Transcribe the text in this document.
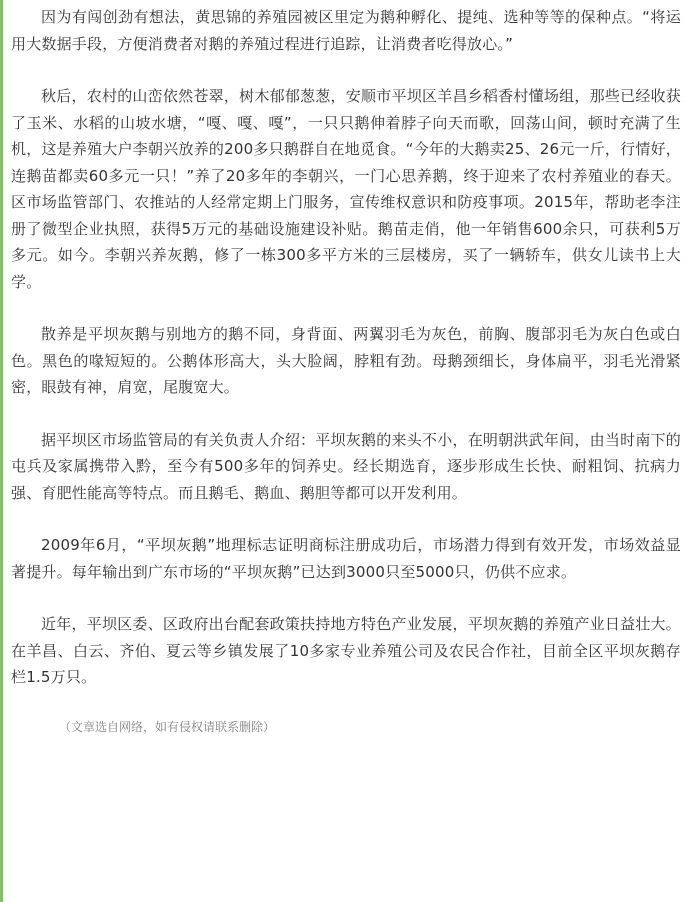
因为有闯创劲有想法，黄思锦的养殖园被区里定为鹅种孵化、提纯、选种等等的保种点。“将运用大数据手段，方便消费者对鹅的养殖过程进行追踪，让消费者吃得放心。”

秋后，农村的山峦依然苍翠，树木郁郁葱葱，安顺市平坝区羊昌乡稻香村懂场组，那些已经收获了玉米、水稻的山坡水塘，“嘎、嘎、嘎”，一只只鹅伸着脖子向天而歌，回荡山间，顿时充满了生机，这是养殖大户李朝兴放养的200多只鹅群自在地觅食。“今年的大鹅卖25、26元一斤，行情好，连鹅苗都卖60多元一只！”养了20多年的李朝兴，一门心思养鹅，终于迎来了农村养殖业的春天。区市场监管部门、农推站的人经常定期上门服务，宣传维权意识和防疫事项。2015年，帮助老李注册了微型企业执照，获得5万元的基础设施建设补贴。鹅苗走俏，他一年销售600余只，可获利5万多元。如今。李朝兴养灰鹅，修了一栋300多平方米的三层楼房，买了一辆轿车，供女儿读书上大学。

散养是平坝灰鹅与别地方的鹅不同，身背面、两翼羽毛为灰色，前胸、腹部羽毛为灰白色或白色。黑色的喙短短的。公鹅体形高大，头大脸阔，脖粗有劲。母鹅颈细长，身体扁平，羽毛光滑紧密，眼鼓有神，肩宽，尾腹宽大。

据平坝区市场监管局的有关负责人介绍：平坝灰鹅的来头不小，在明朝洪武年间，由当时南下的屯兵及家属携带入黔，至今有500多年的饲养史。经长期选育，逐步形成生长快、耐粗饲、抗病力强、育肥性能高等特点。而且鹅毛、鹅血、鹅胆等都可以开发利用。

2009年6月，“平坝灰鹅”地理标志证明商标注册成功后，市场潜力得到有效开发，市场效益显著提升。每年输出到广东市场的“平坝灰鹅”已达到3000只至5000只，仍供不应求。

近年，平坝区委、区政府出台配套政策扶持地方特色产业发展，平坝灰鹅的养殖产业日益壮大。在羊昌、白云、齐伯、夏云等乡镇发展了10多家专业养殖公司及农民合作社，目前全区平坝灰鹅存栏1.5万只。

（文章选自网络，如有侵权请联系删除）
